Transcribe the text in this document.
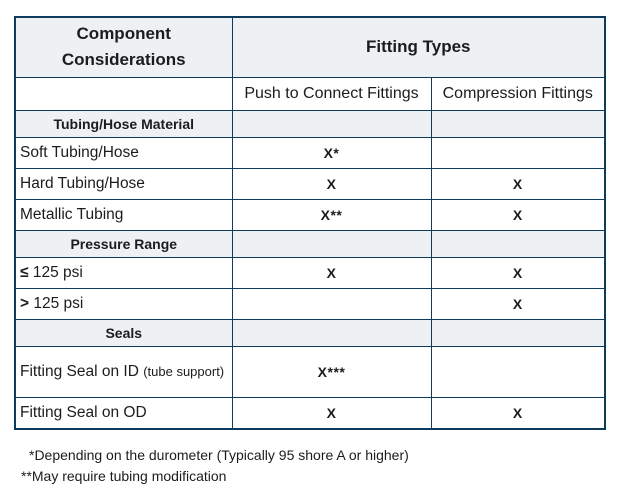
Component Considerations	Fitting Types	
	Push to Connect Fittings	Compression Fittings
Tubing/Hose Material		
Soft Tubing/Hose	X*	
Hard Tubing/Hose	X	X
Metallic Tubing	X**	X
Pressure Range		
≤ 125 psi	X	X
> 125 psi		X
Seals		
Fitting Seal on ID (tube support)	X***	
Fitting Seal on OD	X	X
*Depending on the durometer (Typically 95 shore A or higher)
**May require tubing modification
